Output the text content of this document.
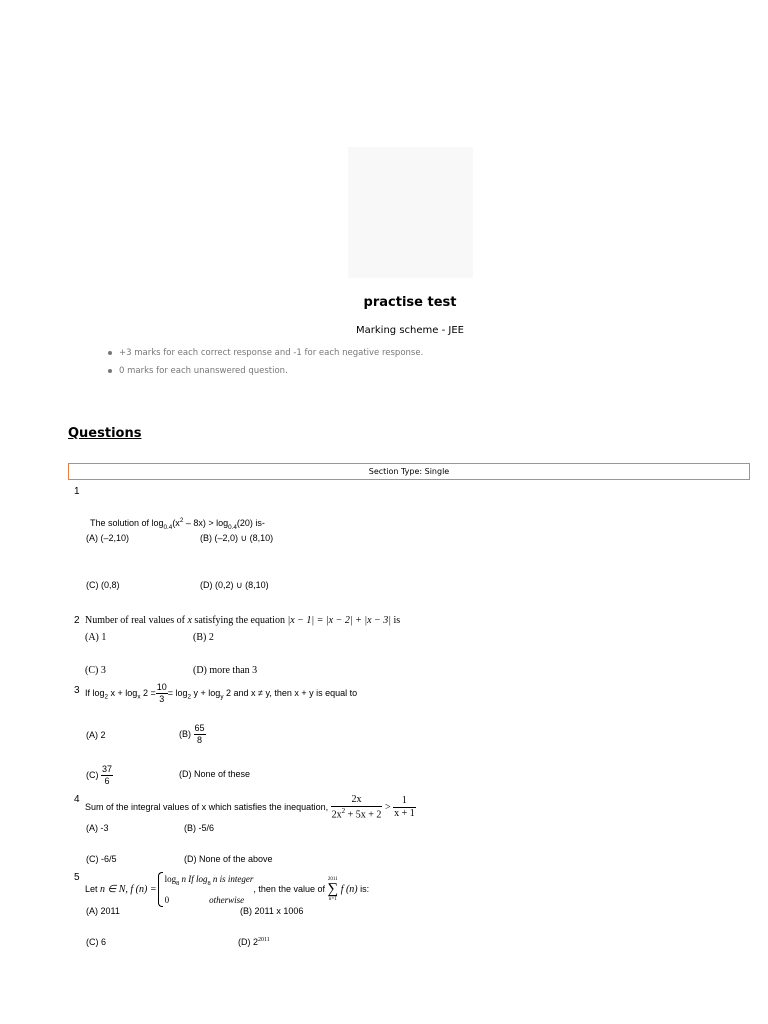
practise test
Marking scheme - JEE
+3 marks for each correct response and -1 for each negative response.
0 marks for each unanswered question.
Questions
Section Type: Single
1
The solution of $\log_{0.4}(x^2 - 8x) > \log_{0.4}(20)$ is-
(A) (–2,10)	(B) (–2,0) ∪ (8,10)
(C) (0,8)	(D) (0,2) ∪ (8,10)
2 Number of real values of x satisfying the equation |x − 1| = |x − 2| + |x − 3| is
(A) 1	(B) 2
(C) 3	(D) more than 3
3 If $\log_2 x + \log_x 2 = \frac{10}{3} = \log_2 y + \log_y 2$ and x ≠ y, then x + y is equal to
(A) 2	$(B) \frac{65}{8}$
$(C) \frac{37}{6}$	(D) None of these
4
Sum of the integral values of x which satisfies the inequation, $\frac{2x}{2x^2 + 5x + 2} > \frac{1}{x + 1}$
(A) -3	(B) -5/6
(C) -6/5	(D) None of the above
5
Let n ∈ N, f (n) =
$\log_8 n$ If $\log_8 n$ is integer
0	otherwise
, then the value of
2011
∑
n=1
f (n) is:
(A) 2011	(B) 2011 x 1006
(C) 6	(D) $2^{2011}$
